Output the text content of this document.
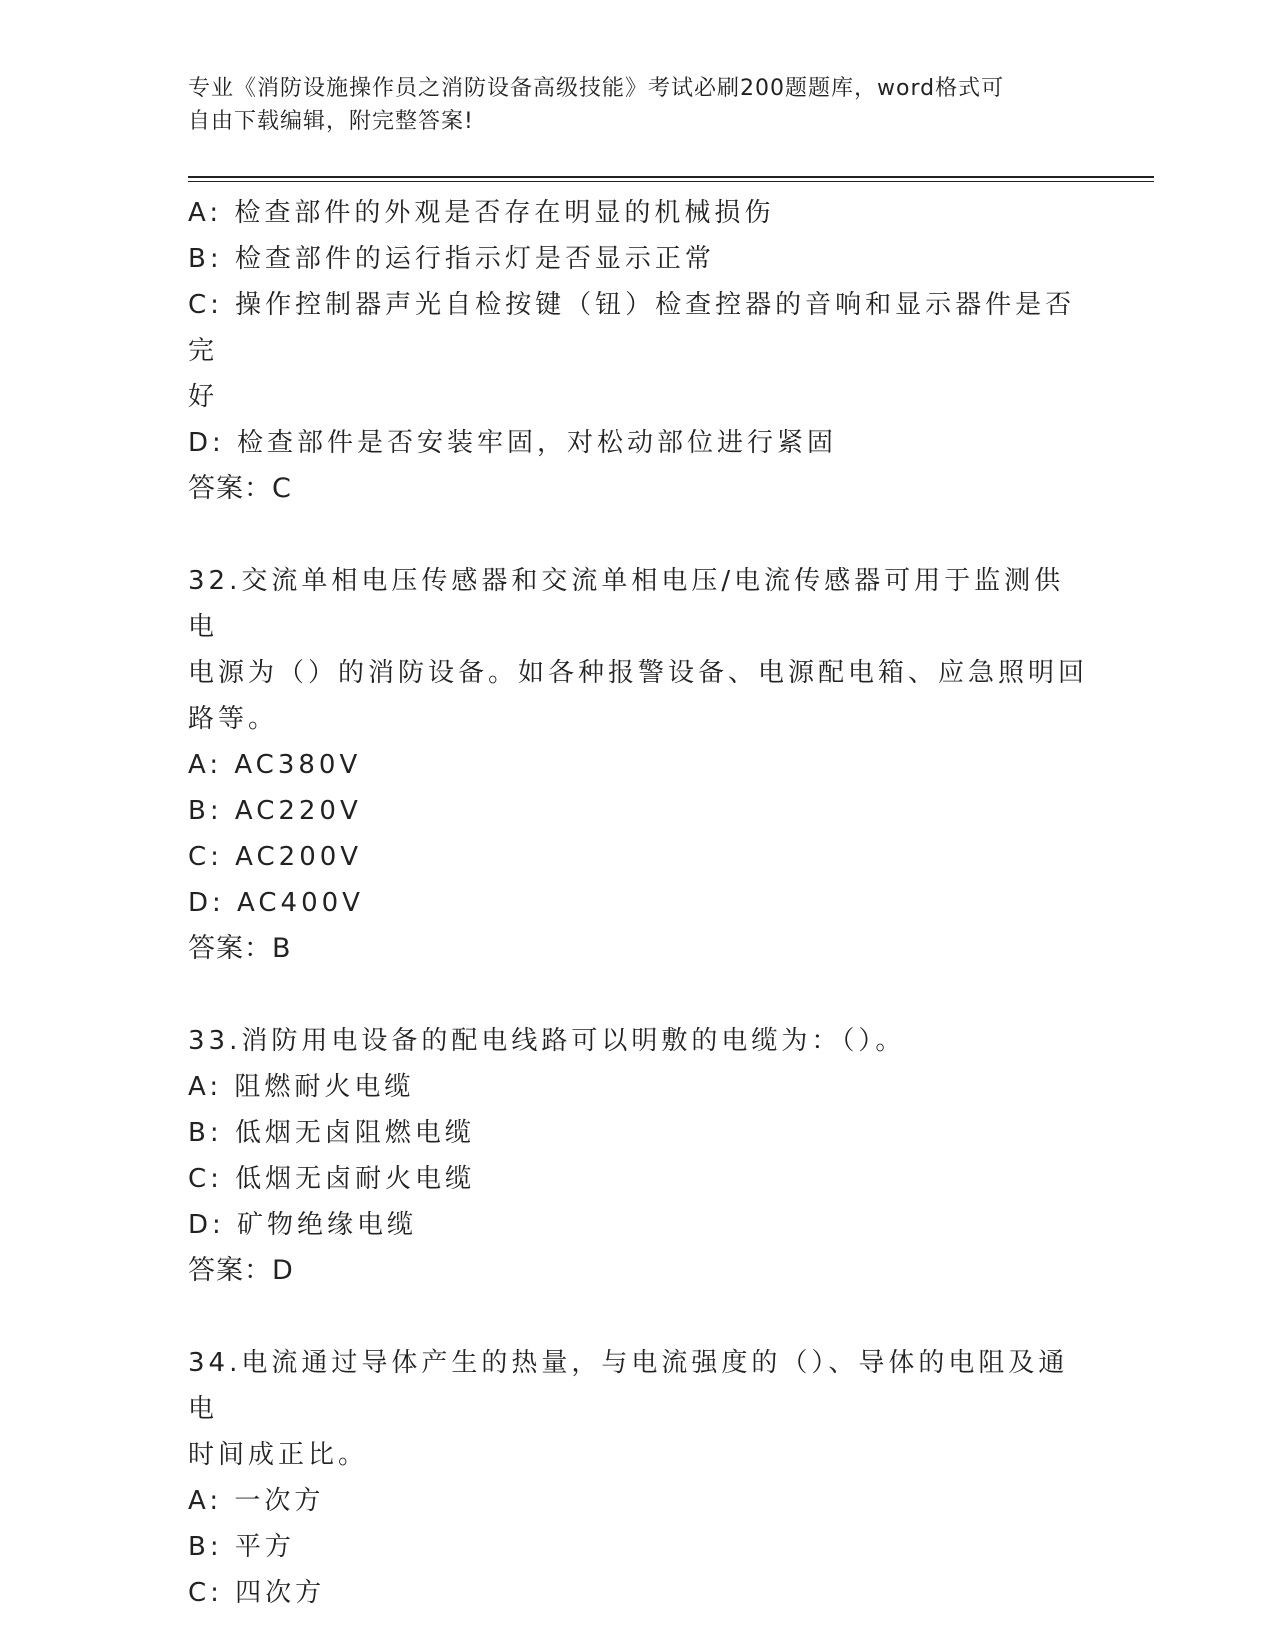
专业《消防设施操作员之消防设备高级技能》考试必刷200题题库，word格式可
自由下载编辑，附完整答案!
A: 检查部件的外观是否存在明显的机械损伤
B: 检查部件的运行指示灯是否显示正常
C: 操作控制器声光自检按键（钮）检查控器的音响和显示器件是否完
好
D: 检查部件是否安装牢固，对松动部位进行紧固
答案：C
32.交流单相电压传感器和交流单相电压/电流传感器可用于监测供电
电源为（）的消防设备。如各种报警设备、电源配电箱、应急照明回
路等。
A: AC380V
B: AC220V
C: AC200V
D: AC400V
答案：B
33.消防用电设备的配电线路可以明敷的电缆为：（）。
A: 阻燃耐火电缆
B: 低烟无卤阻燃电缆
C: 低烟无卤耐火电缆
D: 矿物绝缘电缆
答案：D
34.电流通过导体产生的热量，与电流强度的（）、导体的电阻及通电
时间成正比。
A: 一次方
B: 平方
C: 四次方
